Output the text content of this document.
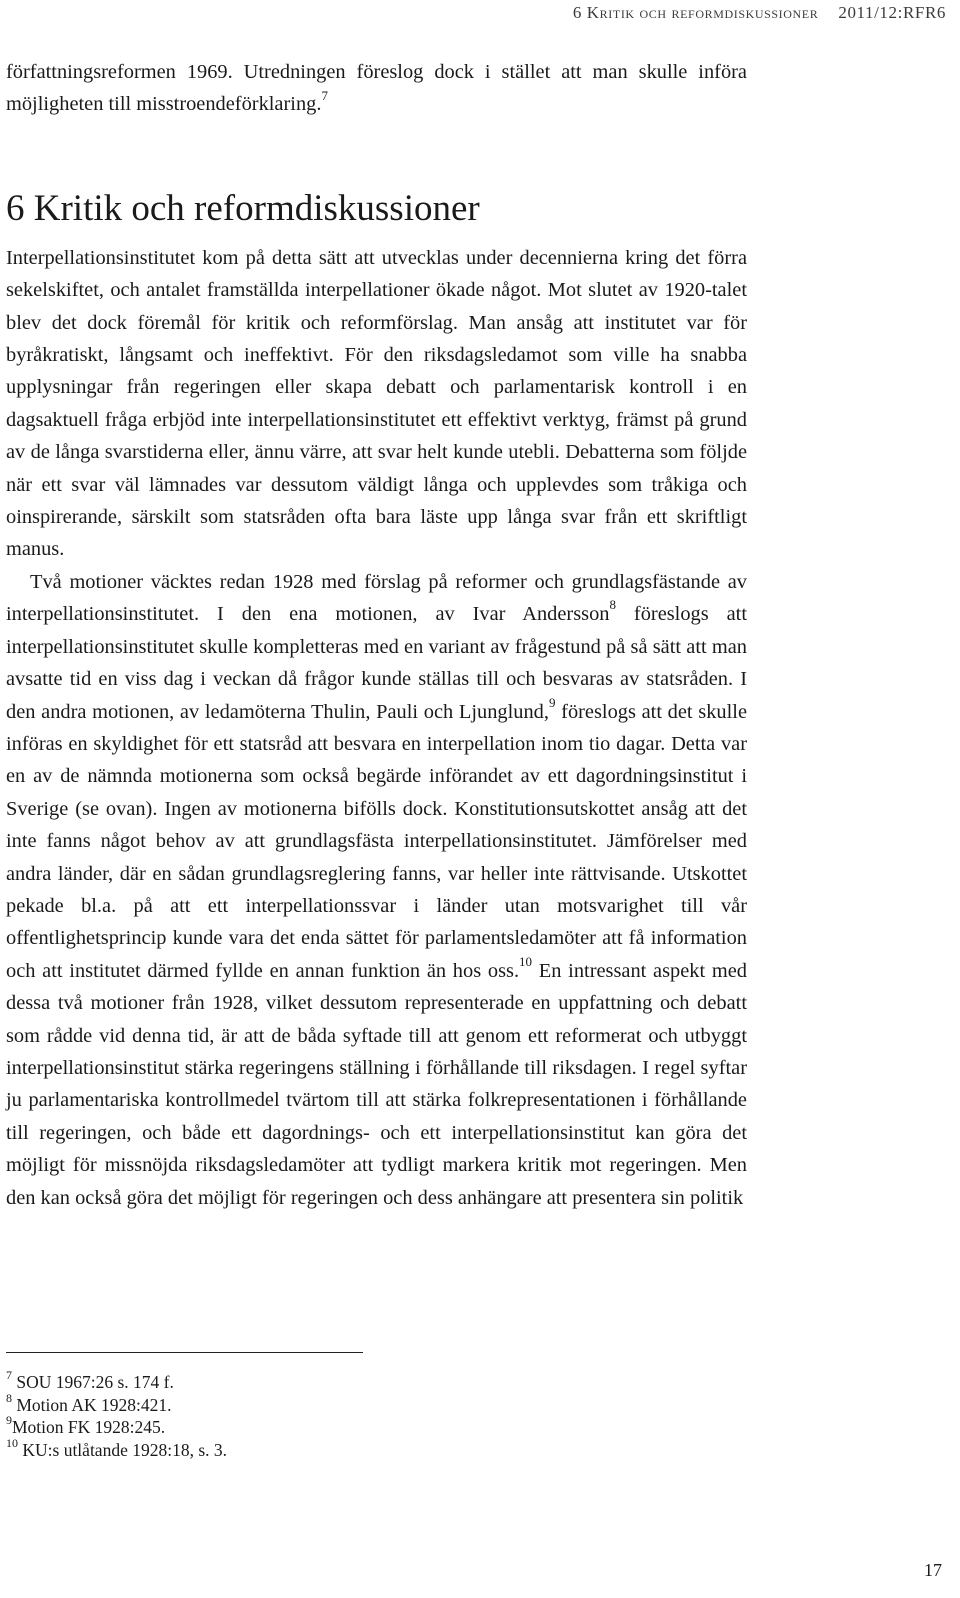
6 Kritik och reformdiskussioner 2011/12:RFR6

författningsreformen 1969. Utredningen föreslog dock i stället att man skulle införa möjligheten till misstroendeförklaring.$^7$

6 Kritik och reformdiskussioner

Interpellationsinstitutet kom på detta sätt att utvecklas under decennierna kring det förra sekelskiftet, och antalet framställda interpellationer ökade något. Mot slutet av 1920-talet blev det dock föremål för kritik och reformförslag. Man ansåg att institutet var för byråkratiskt, långsamt och ineffektivt. För den riksdagsledamot som ville ha snabba upplysningar från regeringen eller skapa debatt och parlamentarisk kontroll i en dagsaktuell fråga erbjöd inte interpellationsinstitutet ett effektivt verktyg, främst på grund av de långa svarstiderna eller, ännu värre, att svar helt kunde utebli. Debatterna som följde när ett svar väl lämnades var dessutom väldigt långa och upplevdes som tråkiga och oinspirerande, särskilt som statsråden ofta bara läste upp långa svar från ett skriftligt manus.

Två motioner väcktes redan 1928 med förslag på reformer och grundlagsfästande av interpellationsinstitutet. I den ena motionen, av Ivar Andersson$^8$ föreslogs att interpellationsinstitutet skulle kompletteras med en variant av frågestund på så sätt att man avsatte tid en viss dag i veckan då frågor kunde ställas till och besvaras av statsråden. I den andra motionen, av ledamöterna Thulin, Pauli och Ljunglund,$^9$ föreslogs att det skulle införas en skyldighet för ett statsråd att besvara en interpellation inom tio dagar. Detta var en av de nämnda motionerna som också begärde införandet av ett dagordningsinstitut i Sverige (se ovan). Ingen av motionerna bifölls dock. Konstitutionsutskottet ansåg att det inte fanns något behov av att grundlagsfästa interpellationsinstitutet. Jämförelser med andra länder, där en sådan grundlagsreglering fanns, var heller inte rättvisande. Utskottet pekade bl.a. på att ett interpellationssvar i länder utan motsvarighet till vår offentlighetsprincip kunde vara det enda sättet för parlamentsledamöter att få information och att institutet därmed fyllde en annan funktion än hos oss.$^{10}$ En intressant aspekt med dessa två motioner från 1928, vilket dessutom representerade en uppfattning och debatt som rådde vid denna tid, är att de båda syftade till att genom ett reformerat och utbyggt interpellationsinstitut stärka regeringens ställning i förhållande till riksdagen. I regel syftar ju parlamentariska kontrollmedel tvärtom till att stärka folkrepresentationen i förhållande till regeringen, och både ett dagordnings- och ett interpellationsinstitut kan göra det möjligt för missnöjda riksdagsledamöter att tydligt markera kritik mot regeringen. Men den kan också göra det möjligt för regeringen och dess anhängare att presentera sin politik

$^7$ SOU 1967:26 s. 174 f.
$^8$ Motion AK 1928:421.
$^9$Motion FK 1928:245.
$^{10}$ KU:s utlåtande 1928:18, s. 3.
17
